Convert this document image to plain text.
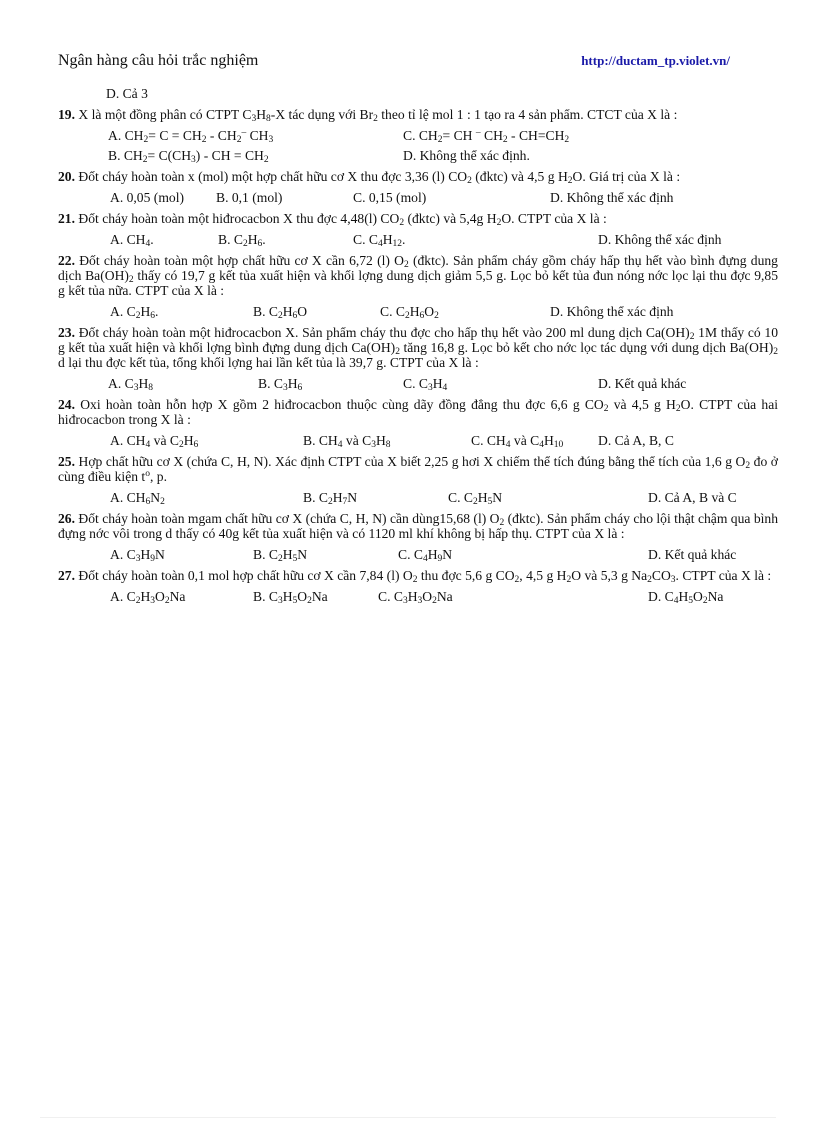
Ngân hàng câu hỏi trắc nghiệm	http://ductam_tp.violet.vn/
D. Cả 3
19. X là một đồng phân có CTPT $C_3H_8-X$ tác dụng với $Br_2$ theo tỉ lệ mol 1 : 1 tạo ra 4 sản phẩm. CTCT của X là :
A. $CH_2= C = CH_2 - CH_2^-$ $CH_3$	C. $CH_2=$ CH – $CH_2 - CH=CH_2$
B. $CH_2= C(CH_3)$ - CH = $CH_2$	D. Không thể xác định.
20. Đốt cháy hoàn toàn x (mol) một hợp chất hữu cơ X thu đợc 3,36 (l) $CO_2$ (đktc) và 4,5 g $H_2O$. Giá trị của X là :
A. 0,05 (mol) B. 0,1 (mol)	C. 0,15 (mol)	D. Không thể xác định
21. Đốt cháy hoàn toàn một hiđrocacbon X thu đợc 4,48(l) $CO_2$ (đktc) và 5,4g $H_2O$. CTPT của X là :
A. $CH_4$.	B. $C_2H_6$.	C. $C_4H_{12}$.	D. Không thể xác định
22. Đốt cháy hoàn toàn một hợp chất hữu cơ X cần 6,72 (l) $O_2$ (đktc). Sản phẩm cháy gồm cháy hấp thụ hết vào bình đựng dung dịch $Ba(OH)_2$ thấy có 19,7 g kết tủa xuất hiện và khối lợng dung dịch giảm 5,5 g. Lọc bỏ kết tủa đun nóng nớc lọc lại thu đợc 9,85 g kết tủa nữa. CTPT của X là :
A. $C_2H_6$.	B. $C_2H_6O$	C. $C_2H_6O_2$	D. Không thể xác định
23. Đốt cháy hoàn toàn một hiđrocacbon X. Sản phẩm cháy thu đợc cho hấp thụ hết vào 200 ml dung dịch $Ca(OH)_2$ 1M thấy có 10 g kết tủa xuất hiện và khối lợng bình đựng dung dịch $Ca(OH)_2$ tăng 16,8 g. Lọc bỏ kết cho nớc lọc tác dụng với dung dịch $Ba(OH)_2$ d lại thu đợc kết tủa, tổng khối lợng hai lần kết tủa là 39,7 g. CTPT của X là :
A. $C_3H_8$	B. $C_3H_6$	C. $C_3H_4$	D. Kết quả khác
24. Oxi hoàn toàn hỗn hợp X gồm 2 hiđrocacbon thuộc cùng dãy đồng đẳng thu đợc 6,6 g $CO_2$ và 4,5 g $H_2O$. CTPT của hai hiđrocacbon trong X là :
A. $CH_4$ và $C_2H_6$	B. $CH_4$ và $C_3H_8$	C. $CH_4$ và $C_4H_{10}$	D. Cả A, B, C
25. Hợp chất hữu cơ X (chứa C, H, N). Xác định CTPT của X biết 2,25 g hơi X chiếm thể tích đúng bằng thể tích của 1,6 g $O_2$ đo ở cùng điều kiện $t^o$, p.
A. $CH_6N_2$	B. $C_2H_7N$	C. $C_2H_5N$	D. Cả A, B và C
26. Đốt cháy hoàn toàn mgam chất hữu cơ X (chứa C, H, N) cần dùng15,68 (l) $O_2$ (đktc). Sản phẩm cháy cho lội thật chậm qua bình đựng nớc vôi trong d thấy có 40g kết tủa xuất hiện và có 1120 ml khí không bị hấp thụ. CTPT của X là :
A. $C_3H_9N$	B. $C_2H_5N$	C. $C_4H_9N$	D. Kết quả khác
27. Đốt cháy hoàn toàn 0,1 mol hợp chất hữu cơ X cần 7,84 (l) $O_2$ thu đợc 5,6 g $CO_2$, 4,5 g $H_2O$ và 5,3 g $Na_2CO_3$. CTPT của X là :
A. $C_2H_3O_2Na$	B. $C_3H_5O_2Na$	C. $C_3H_3O_2Na$	D. $C_4H_5O_2Na$
